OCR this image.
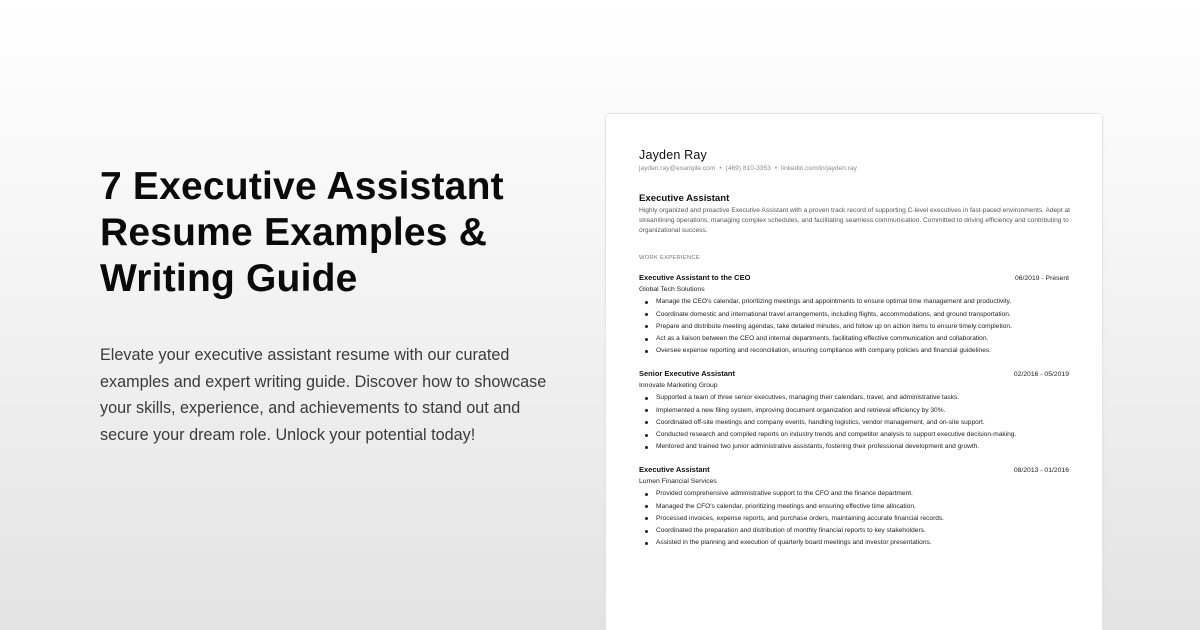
7 Executive Assistant Resume Examples & Writing Guide

Elevate your executive assistant resume with our curated examples and expert writing guide. Discover how to showcase your skills, experience, and achievements to stand out and secure your dream role. Unlock your potential today!

Jayden Ray
jayden.ray@example.com • (469) 810-3353 • linkedin.com/in/jayden.ray
Executive Assistant
Highly organized and proactive Executive Assistant with a proven track record of supporting C-level executives in fast-paced environments. Adept at streamlining operations, managing complex schedules, and facilitating seamless communication. Committed to driving efficiency and contributing to organizational success.
WORK EXPERIENCE
Executive Assistant to the CEO	06/2019 - Present
Global Tech Solutions
Manage the CEO's calendar, prioritizing meetings and appointments to ensure optimal time management and productivity.
Coordinate domestic and international travel arrangements, including flights, accommodations, and ground transportation.
Prepare and distribute meeting agendas, take detailed minutes, and follow up on action items to ensure timely completion.
Act as a liaison between the CEO and internal departments, facilitating effective communication and collaboration.
Oversee expense reporting and reconciliation, ensuring compliance with company policies and financial guidelines.
Senior Executive Assistant	02/2016 - 05/2019
Innovate Marketing Group
Supported a team of three senior executives, managing their calendars, travel, and administrative tasks.
Implemented a new filing system, improving document organization and retrieval efficiency by 30%.
Coordinated off-site meetings and company events, handling logistics, vendor management, and on-site support.
Conducted research and compiled reports on industry trends and competitor analysis to support executive decision-making.
Mentored and trained two junior administrative assistants, fostering their professional development and growth.
Executive Assistant	08/2013 - 01/2016
Lumen Financial Services
Provided comprehensive administrative support to the CFO and the finance department.
Managed the CFO's calendar, prioritizing meetings and ensuring effective time allocation.
Processed invoices, expense reports, and purchase orders, maintaining accurate financial records.
Coordinated the preparation and distribution of monthly financial reports to key stakeholders.
Assisted in the planning and execution of quarterly board meetings and investor presentations.
